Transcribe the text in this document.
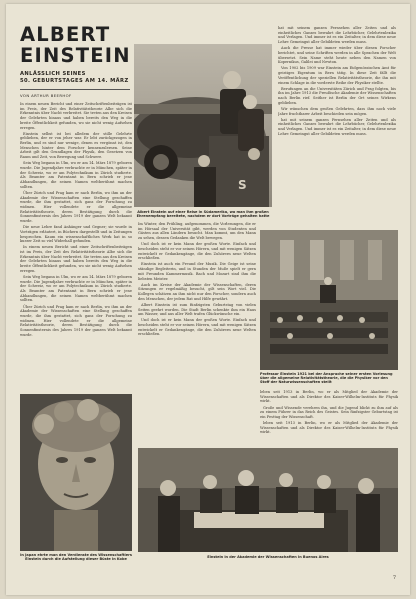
ALBERT
EINSTEIN
ANLÄSSLICH SEINES
50. GEBURTSTAGES AM 14. MÄRZ
VON ARTHUR BEERHOF
S
Albert Einstein auf einer Reise in Südamerika, wo man ihm großen Ehrenempfang bereitete, nachdem er dort Vorträge gehalten hatte

In einem neuen Bericht und einer Zeitschriftenbeiträgen ist im Preis, der Zeit des Relativitätstheorie Albe sich die Erkenntnis über Nacht verbreitet. Sie treten aus den Kreisen der Gelehrten hinaus und haben bereits den Weg in die breite Öffentlichkeit gefunden, wo sie nicht wenig Aufsehen erregen.

Einstein selbst ist bei alledem der stille Gelehrte geblieben, der er von jeher war. Er lebt zurückgezogen in Berlin, und es sind nur wenige, denen es vergönnt ist, den Menschen hinter dem Forscher kennenzulernen. Seine Arbeit gilt den Grundlagen der Physik, den Gesetzen von Raum und Zeit, von Bewegung und Schwere.

Sein Weg begann in Ulm, wo er am 14. März 1879 geboren wurde. Die Jugendjahre verbrachte er in München, später in der Schweiz, wo er am Polytechnikum in Zürich studierte. Als Beamter am Patentamt in Bern schrieb er jene Abhandlungen, die seinen Namen weltberühmt machen sollten.

Über Zürich und Prag kam er nach Berlin, wo ihm an der Akademie der Wissenschaften eine Stellung geschaffen wurde, die ihm gestattet, sich ganz der Forschung zu widmen. Hier vollendete er die allgemeine Relativitätstheorie, deren Bestätigung durch die Sonnenfinsternis des Jahres 1919 der ganzen Welt bekannt wurde.

Die neue Lehre fand Anhänger und Gegner; sie wurde in Vorträgen erläutert, in Büchern dargestellt und in Zeitungen besprochen. Kaum ein wissenschaftliches Werk hat in so kurzer Zeit so viel Widerhall gefunden.

In einem neuen Bericht und einer Zeitschriftenbeiträgen ist im Preis, der Zeit des Relativitätstheorie Albe sich die Erkenntnis über Nacht verbreitet. Sie treten aus den Kreisen der Gelehrten hinaus und haben bereits den Weg in die breite Öffentlichkeit gefunden, wo sie nicht wenig Aufsehen erregen.

Sein Weg begann in Ulm, wo er am 14. März 1879 geboren wurde. Die Jugendjahre verbrachte er in München, später in der Schweiz, wo er am Polytechnikum in Zürich studierte. Als Beamter am Patentamt in Bern schrieb er jene Abhandlungen, die seinen Namen weltberühmt machen sollten.

Über Zürich und Prag kam er nach Berlin, wo ihm an der Akademie der Wissenschaften eine Stellung geschaffen wurde, die ihm gestattet, sich ganz der Forschung zu widmen. Hier vollendete er die allgemeine Relativitätstheorie, deren Bestätigung durch die Sonnenfinsternis des Jahres 1919 der ganzen Welt bekannt wurde.

Im Winter, den Frühling, aufgenommen, die Vorlesungen, die er im Hörsaal der Universität gibt, werden von Studenten und Gästen aus allen Ländern besucht. Man kommt, um den Mann zu sehen, dessen Gedanken die Welt bewegen.

Und doch ist er kein Mann der großen Worte. Einfach und bescheiden steht er vor seinen Hörern, und mit wenigen Sätzen entwickelt er Gedankengänge, die den Zuhörern neue Welten erschließen.

Einstein ist auch ein Freund der Musik. Die Geige ist seine ständige Begleiterin, und in Stunden der Muße spielt er gern mit Freunden Kammermusik. Bach und Mozart sind ihm die liebsten Meister.

Auch im Kreise der Akademie der Wissenschaften, deren Sitzungen er regelmäßig besucht, gilt sein Wort viel. Die Kollegen schätzen an ihm nicht nur den Forscher, sondern auch den Menschen, der jedem Rat und Hilfe gewährt.

Albert Einstein ist zum fünfzigsten Geburtstag von vielen Seiten geehrt worden. Die Stadt Berlin schenkte ihm ein Haus am Wasser, und aus aller Welt trafen Glückwünsche ein.

Und doch ist er kein Mann der großen Worte. Einfach und bescheiden steht er vor seinen Hörern, und mit wenigen Sätzen entwickelt er Gedankengänge, die den Zuhörern neue Welten erschließen.

hat mit seinem ganzen Fernsehen aller Zeiten und als einheitliches Ganzes bewahrt die Lehrbücher, Gelehrtenlexika und Verlagen. Und immer ist es ein Zeitalter, in dem diese neue Lehre Gemeingut aller Gebildeten werden muss.

Auch die Presse hat immer wieder über diesen Forscher berichtet, und seine Schriften werden in alle Sprachen der Welt übersetzt. Sein Name steht heute neben den Namen von Kopernikus, Galilei und Newton.

Von 1902 bis 1909 war Einstein am Eidgenössischen Amt für geistiges Eigentum in Bern tätig. In diese Zeit fällt die Veröffentlichung der speziellen Relativitätstheorie, die ihn mit einem Schlage in die vorderste Reihe der Physiker stellte.

Berufungen an die Universitäten Zürich und Prag folgten, bis ihn im Jahre 1913 die Preußische Akademie der Wissenschaften nach Berlin rief. Seither ist Berlin der Ort seines Wirkens geblieben.

Wir wünschen dem großen Gelehrten, dass ihm noch viele Jahre fruchtbarer Arbeit beschieden sein mögen.

hat mit seinem ganzen Fernsehen aller Zeiten und als einheitliches Ganzes bewahrt die Lehrbücher, Gelehrtenlexika und Verlagen. Und immer ist es ein Zeitalter, in dem diese neue Lehre Gemeingut aller Gebildeten werden muss.

Professor Einstein 1921 bei der Ansprache seiner ersten Vorlesung über die allgemeine Relativitätstheorie, die die Physiker vor den Stoff der Naturwissenschaften stellt

leben seit 1913 in Berlin, wo er als Mitglied der Akademie der Wissenschaften und als Direktor des Kaiser-Wilhelm-Instituts für Physik wirkt.

Große und Wissende verehren ihn, und die Jugend blickt zu ihm auf als zu einem Führer in das Reich des Geistes. Sein fünfzigster Geburtstag ist ein Festtag der Wissenschaft.

leben seit 1913 in Berlin, wo er als Mitglied der Akademie der Wissenschaften und als Direktor des Kaiser-Wilhelm-Instituts für Physik wirkt.

In Japan ehrte man den Verdienste des Wissenschaftlers Einstein durch die Aufstellung dieser Büste in Kobe
Einstein in der Akademie der Wissenschaften in Buenos Aires
7
